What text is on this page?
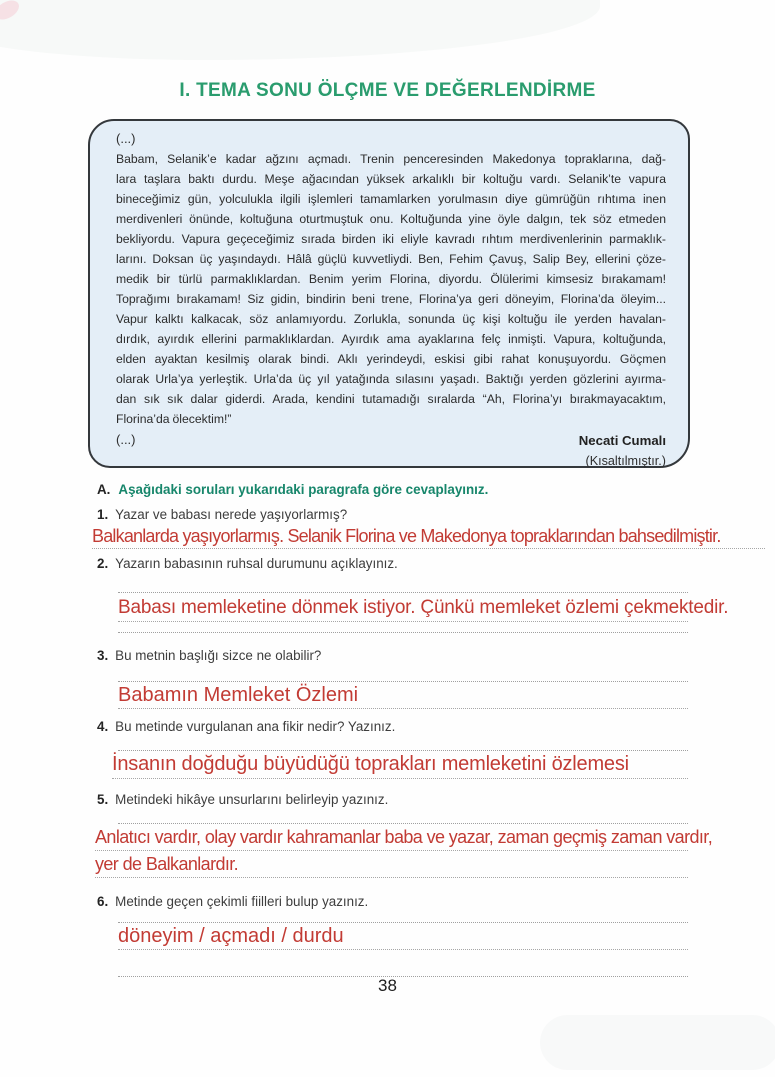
I. TEMA SONU ÖLÇME VE DEĞERLENDİRME
(...)
Babam, Selanik’e kadar ağzını açmadı. Trenin penceresinden Makedonya topraklarına, dağ-
lara taşlara baktı durdu. Meşe ağacından yüksek arkalıklı bir koltuğu vardı. Selanik’te vapura
bineceğimiz gün, yolculukla ilgili işlemleri tamamlarken yorulmasın diye gümrüğün rıhtıma inen
merdivenleri önünde, koltuğuna oturtmuştuk onu. Koltuğunda yine öyle dalgın, tek söz etmeden
bekliyordu. Vapura geçeceğimiz sırada birden iki eliyle kavradı rıhtım merdivenlerinin parmaklık-
larını. Doksan üç yaşındaydı. Hâlâ güçlü kuvvetliydi. Ben, Fehim Çavuş, Salip Bey, ellerini çöze-
medik bir türlü parmaklıklardan. Benim yerim Florina, diyordu. Ölülerimi kimsesiz bırakamam!
Toprağımı bırakamam! Siz gidin, bindirin beni trene, Florina’ya geri döneyim, Florina’da öleyim...
Vapur kalktı kalkacak, söz anlamıyordu. Zorlukla, sonunda üç kişi koltuğu ile yerden havalan-
dırdık, ayırdık ellerini parmaklıklardan. Ayırdık ama ayaklarına felç inmişti. Vapura, koltuğunda,
elden ayaktan kesilmiş olarak bindi. Aklı yerindeydi, eskisi gibi rahat konuşuyordu. Göçmen
olarak Urla’ya yerleştik. Urla’da üç yıl yatağında sılasını yaşadı. Baktığı yerden gözlerini ayırma-
dan sık sık dalar giderdi. Arada, kendini tutamadığı sıralarda “Ah, Florina’yı bırakmayacaktım,
Florina’da ölecektim!”
(...)	Necati Cumalı
(Kısaltılmıştır.)
A. Aşağıdaki soruları yukarıdaki paragrafa göre cevaplayınız.
1. Yazar ve babası nerede yaşıyorlarmış?
Balkanlarda yaşıyorlarmış. Selanik Florina ve Makedonya topraklarından bahsedilmiştir.
2. Yazarın babasının ruhsal durumunu açıklayınız.
Babası memleketine dönmek istiyor. Çünkü memleket özlemi çekmektedir.
3. Bu metnin başlığı sizce ne olabilir?
Babamın Memleket Özlemi
4. Bu metinde vurgulanan ana fikir nedir? Yazınız.
İnsanın doğduğu büyüdüğü toprakları memleketini özlemesi
5. Metindeki hikâye unsurlarını belirleyip yazınız.
Anlatıcı vardır, olay vardır kahramanlar baba ve yazar, zaman geçmiş zaman vardır,
yer de Balkanlardır.
6. Metinde geçen çekimli fiilleri bulup yazınız.
döneyim / açmadı / durdu
38
